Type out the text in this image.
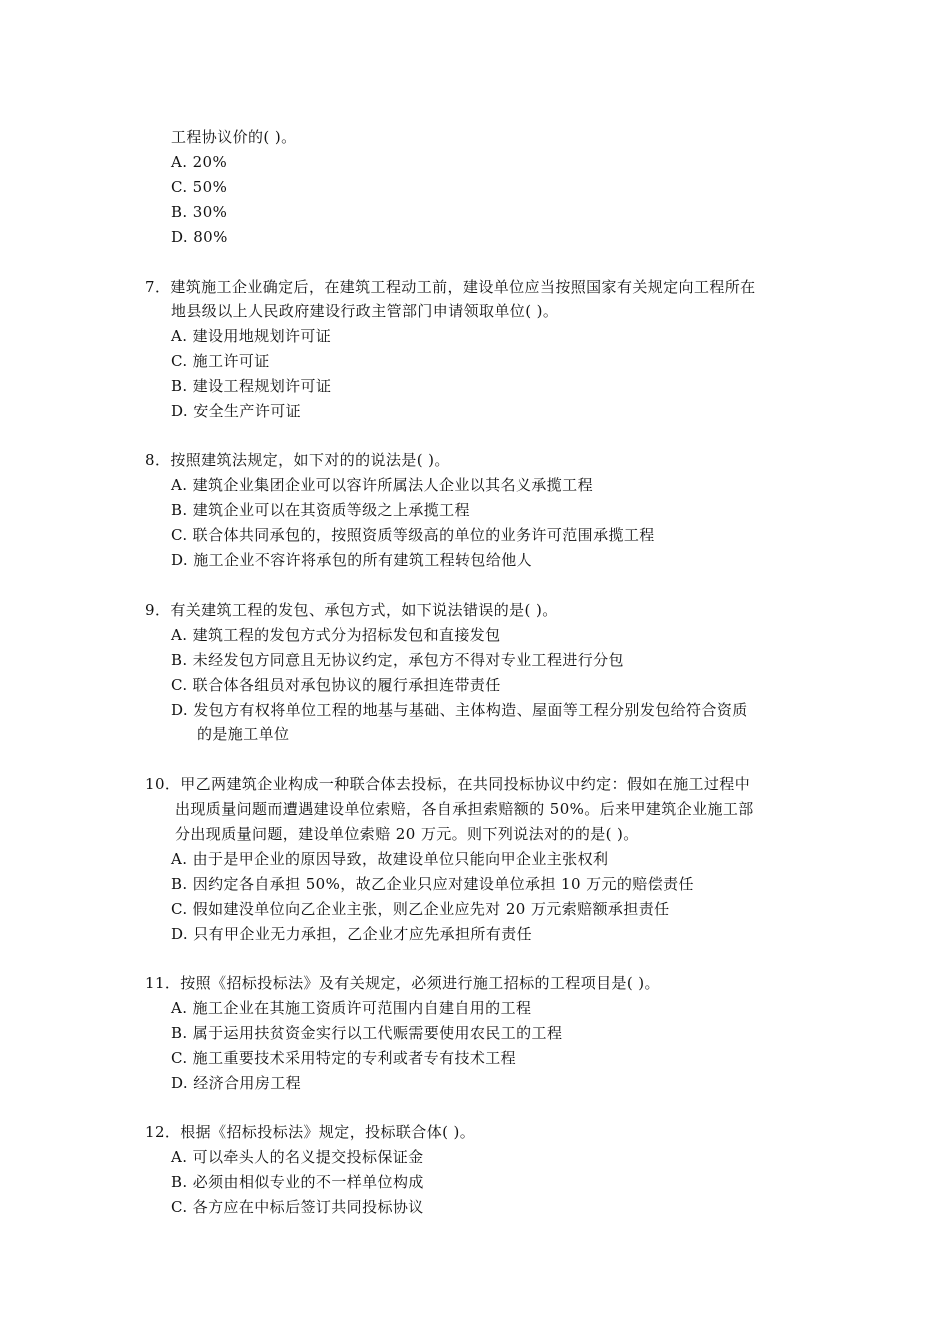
工程协议价的( )。
A. 20%
C. 50%
B. 30%
D. 80%
7．建筑施工企业确定后，在建筑工程动工前，建设单位应当按照国家有关规定向工程所在
地县级以上人民政府建设行政主管部门申请领取单位( )。
A. 建设用地规划许可证
C. 施工许可证
B. 建设工程规划许可证
D. 安全生产许可证
8．按照建筑法规定，如下对的的说法是( )。
A. 建筑企业集团企业可以容许所属法人企业以其名义承揽工程
B. 建筑企业可以在其资质等级之上承揽工程
C. 联合体共同承包的，按照资质等级高的单位的业务许可范围承揽工程
D. 施工企业不容许将承包的所有建筑工程转包给他人
9．有关建筑工程的发包、承包方式，如下说法错误的是( )。
A. 建筑工程的发包方式分为招标发包和直接发包
B. 未经发包方同意且无协议约定，承包方不得对专业工程进行分包
C. 联合体各组员对承包协议的履行承担连带责任
D. 发包方有权将单位工程的地基与基础、主体构造、屋面等工程分别发包给符合资质
的是施工单位
10．甲乙两建筑企业构成一种联合体去投标，在共同投标协议中约定：假如在施工过程中
出现质量问题而遭遇建设单位索赔，各自承担索赔额的 50%。后来甲建筑企业施工部
分出现质量问题，建设单位索赔 20 万元。则下列说法对的的是( )。
A. 由于是甲企业的原因导致，故建设单位只能向甲企业主张权利
B. 因约定各自承担 50%，故乙企业只应对建设单位承担 10 万元的赔偿责任
C. 假如建没单位向乙企业主张，则乙企业应先对 20 万元索赔额承担责任
D. 只有甲企业无力承担，乙企业才应先承担所有责任
11．按照《招标投标法》及有关规定，必须进行施工招标的工程项目是( )。
A. 施工企业在其施工资质许可范围内自建自用的工程
B. 属于运用扶贫资金实行以工代赈需要使用农民工的工程
C. 施工重要技术采用特定的专利或者专有技术工程
D. 经济合用房工程
12．根据《招标投标法》规定，投标联合体( )。
A. 可以牵头人的名义提交投标保证金
B. 必须由相似专业的不一样单位构成
C. 各方应在中标后签订共同投标协议
